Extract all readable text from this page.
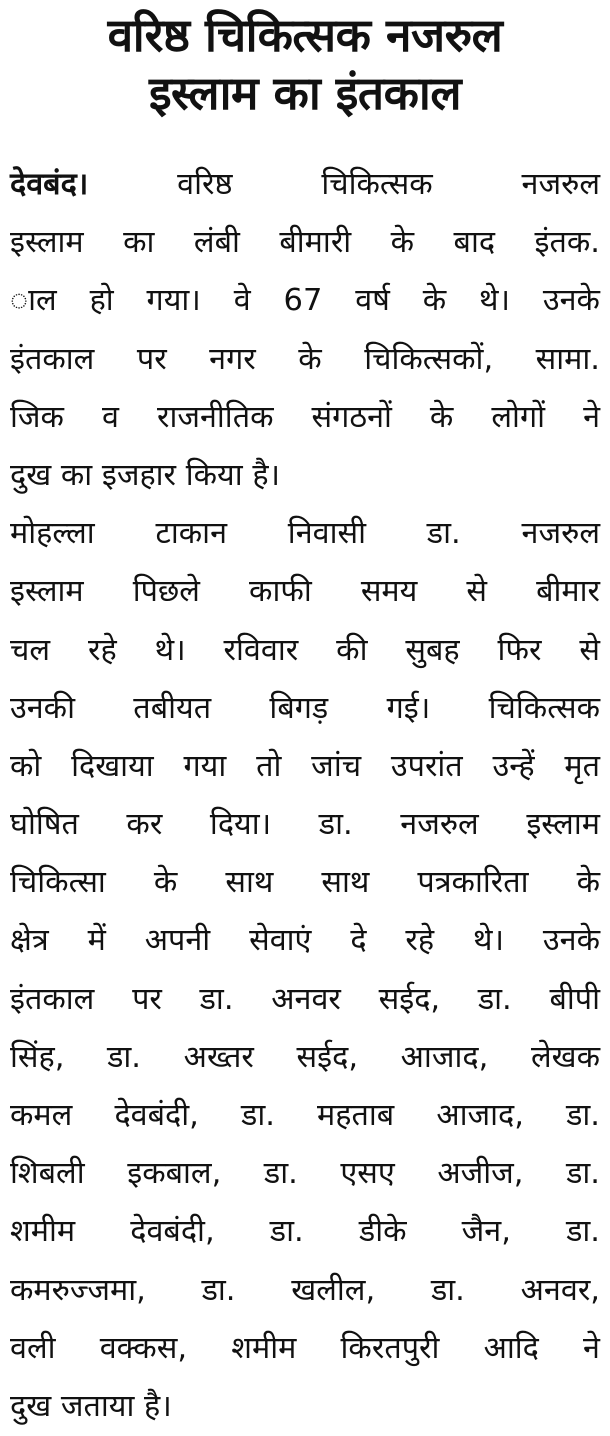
वरिष्ठ चिकित्सक नजरुल
इस्लाम का इंतकाल
देवबंद। वरिष्ठ चिकित्सक नजरुल
इस्लाम का लंबी बीमारी के बाद इंतक.
ाल हो गया। वे 67 वर्ष के थे। उनके
इंतकाल पर नगर के चिकित्सकों, सामा.
जिक व राजनीतिक संगठनों के लोगों ने
दुख का इजहार किया है।
मोहल्ला टाकान निवासी डा. नजरुल
इस्लाम पिछले काफी समय से बीमार
चल रहे थे। रविवार की सुबह फिर से
उनकी तबीयत बिगड़ गई। चिकित्सक
को दिखाया गया तो जांच उपरांत उन्हें मृत
घोषित कर दिया। डा. नजरुल इस्लाम
चिकित्सा के साथ साथ पत्रकारिता के
क्षेत्र में अपनी सेवाएं दे रहे थे। उनके
इंतकाल पर डा. अनवर सईद, डा. बीपी
सिंह, डा. अख्तर सईद, आजाद, लेखक
कमल देवबंदी, डा. महताब आजाद, डा.
शिबली इकबाल, डा. एसए अजीज, डा.
शमीम देवबंदी, डा. डीके जैन, डा.
कमरुज्जमा, डा. खलील, डा. अनवर,
वली वक्कस, शमीम किरतपुरी आदि ने
दुख जताया है।
